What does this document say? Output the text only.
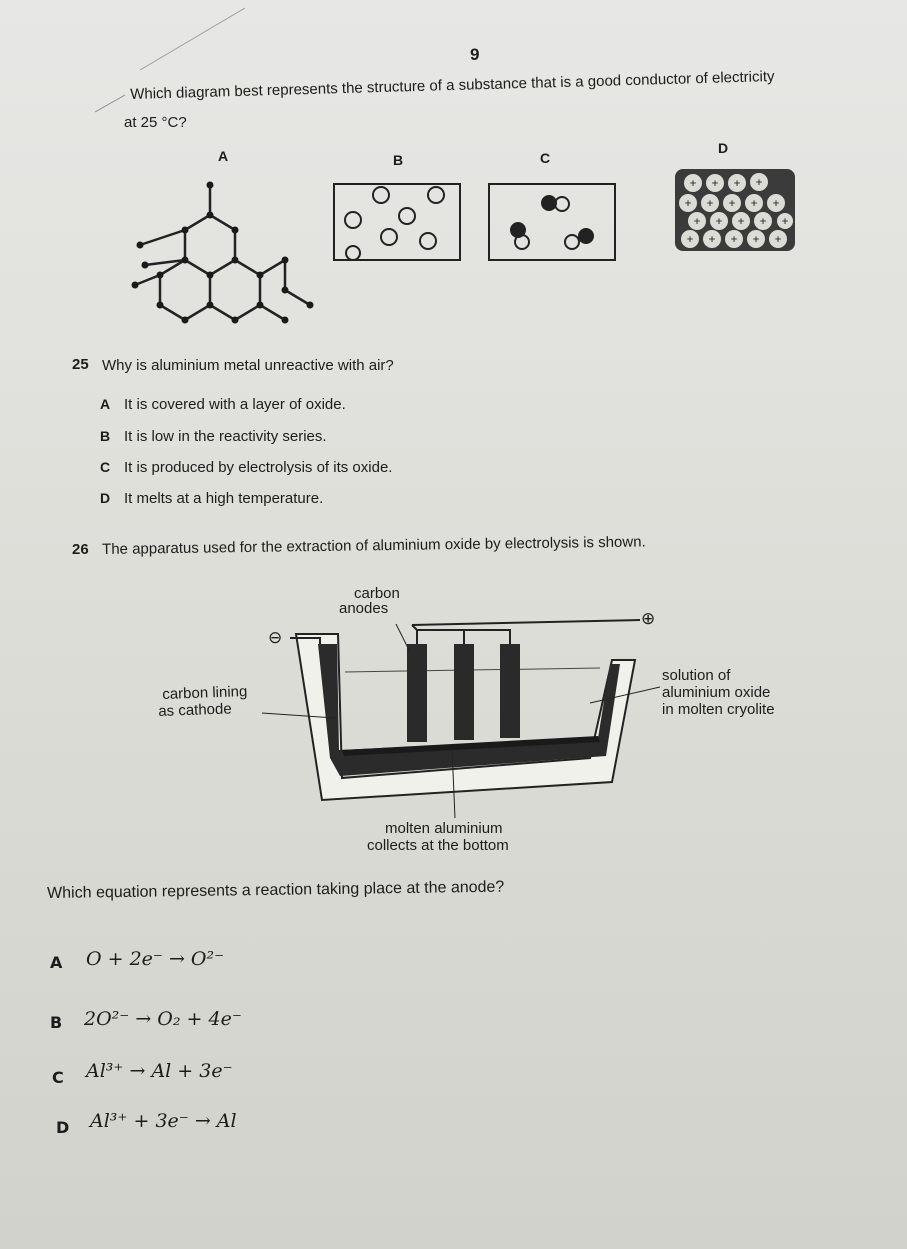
9
Which diagram best represents the structure of a substance that is a good conductor of electricity
at 25 °C?
A	B	C
D
+ + + +
+ + + + +
+ + + + +
+ + + + +
25 Why is aluminium metal unreactive with air?
A It is covered with a layer of oxide.
B It is low in the reactivity series.
C It is produced by electrolysis of its oxide.
D It melts at a high temperature.
26 The apparatus used for the extraction of aluminium oxide by electrolysis is shown.
carbon
anodes
⊕
⊖
carbon lining
as cathode
solution of
aluminium oxide
in molten cryolite
molten aluminium
collects at the bottom
Which equation represents a reaction taking place at the anode?
A O + 2e⁻ → O²⁻
B 2O²⁻ → O₂ + 4e⁻
C Al³⁺ → Al + 3e⁻
D Al³⁺ + 3e⁻ → Al
